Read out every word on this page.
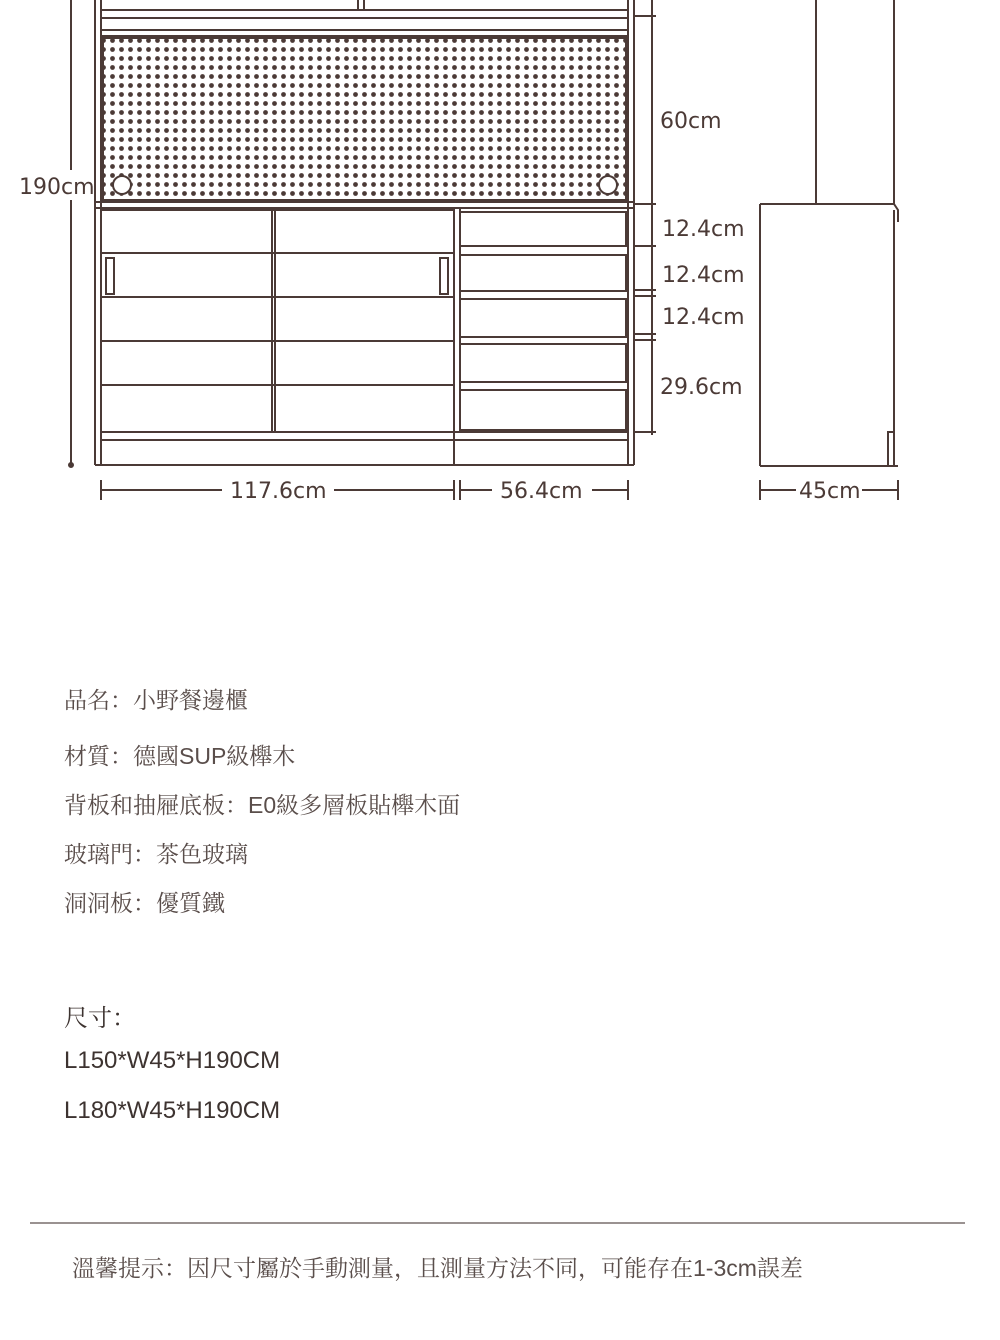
190cm
60cm
12.4cm
12.4cm
12.4cm
29.6cm
117.6cm	56.4cm	45cm
品名：小野餐邊櫃
材質：德國SUP級櫸木
背板和抽屜底板：E0級多層板貼櫸木面
玻璃門：茶色玻璃
洞洞板：優質鐵
尺寸：
L150*W45*H190CM
L180*W45*H190CM
溫馨提示：因尺寸屬於手動測量，且測量方法不同，可能存在1-3cm誤差
